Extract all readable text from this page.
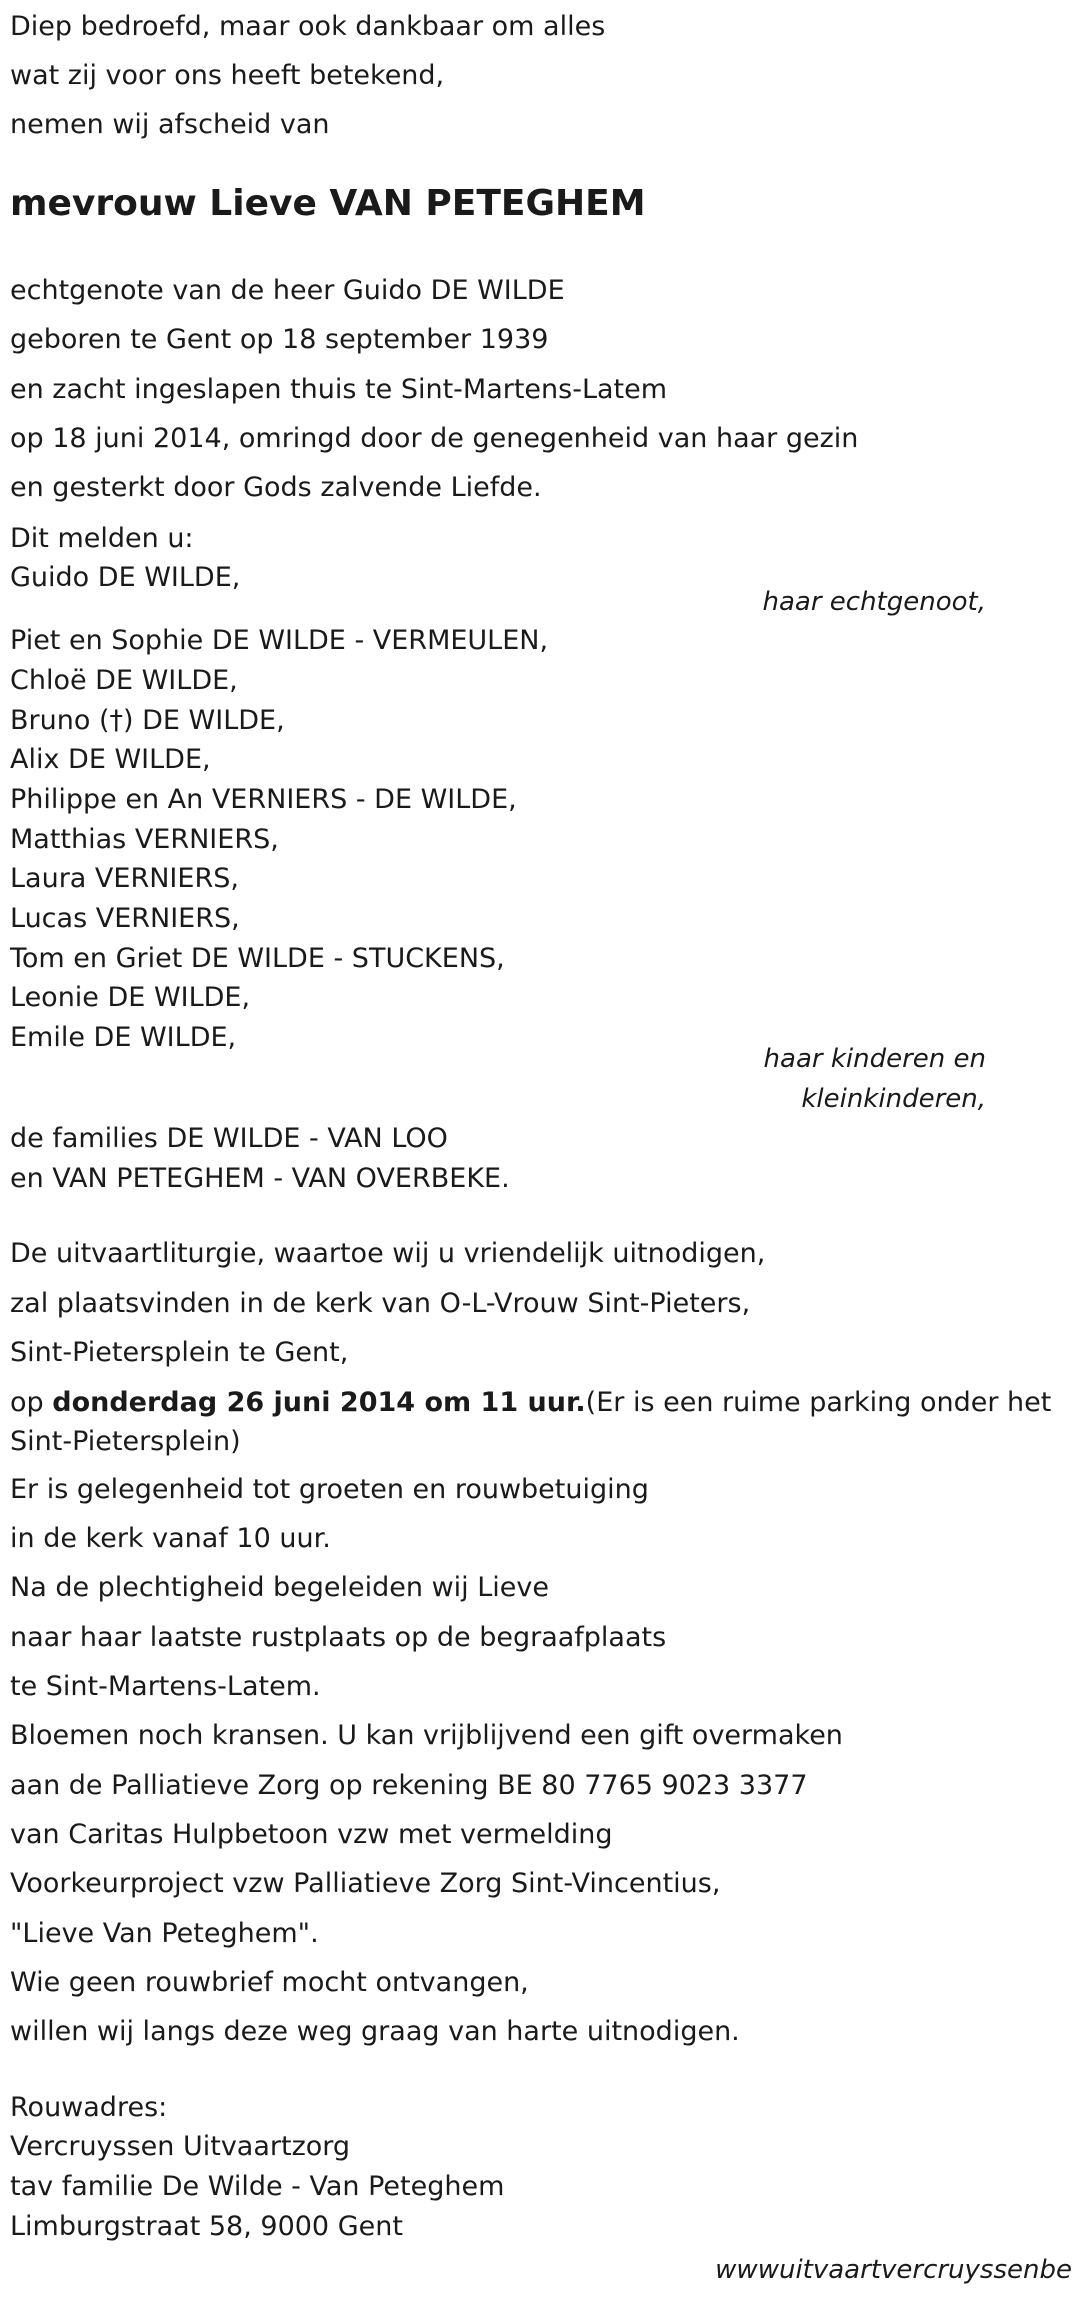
Diep bedroefd, maar ook dankbaar om alles
wat zij voor ons heeft betekend,
nemen wij afscheid van
mevrouw Lieve VAN PETEGHEM
echtgenote van de heer Guido DE WILDE
geboren te Gent op 18 september 1939
en zacht ingeslapen thuis te Sint-Martens-Latem
op 18 juni 2014, omringd door de genegenheid van haar gezin
en gesterkt door Gods zalvende Liefde.
Dit melden u:
Guido DE WILDE,
haar echtgenoot,
Piet en Sophie DE WILDE - VERMEULEN,
Chloë DE WILDE,
Bruno (†) DE WILDE,
Alix DE WILDE,
Philippe en An VERNIERS - DE WILDE,
Matthias VERNIERS,
Laura VERNIERS,
Lucas VERNIERS,
Tom en Griet DE WILDE - STUCKENS,
Leonie DE WILDE,
Emile DE WILDE,
haar kinderen en
kleinkinderen,
de families DE WILDE - VAN LOO
en VAN PETEGHEM - VAN OVERBEKE.
De uitvaartliturgie, waartoe wij u vriendelijk uitnodigen,
zal plaatsvinden in de kerk van O-L-Vrouw Sint-Pieters,
Sint-Pietersplein te Gent,
op donderdag 26 juni 2014 om 11 uur.(Er is een ruime parking onder het
Sint-Pietersplein)
Er is gelegenheid tot groeten en rouwbetuiging
in de kerk vanaf 10 uur.
Na de plechtigheid begeleiden wij Lieve
naar haar laatste rustplaats op de begraafplaats
te Sint-Martens-Latem.
Bloemen noch kransen. U kan vrijblijvend een gift overmaken
aan de Palliatieve Zorg op rekening BE 80 7765 9023 3377
van Caritas Hulpbetoon vzw met vermelding
Voorkeurproject vzw Palliatieve Zorg Sint-Vincentius,
"Lieve Van Peteghem".
Wie geen rouwbrief mocht ontvangen,
willen wij langs deze weg graag van harte uitnodigen.
Rouwadres:
Vercruyssen Uitvaartzorg
tav familie De Wilde - Van Peteghem
Limburgstraat 58, 9000 Gent
wwwuitvaartvercruyssenbe
